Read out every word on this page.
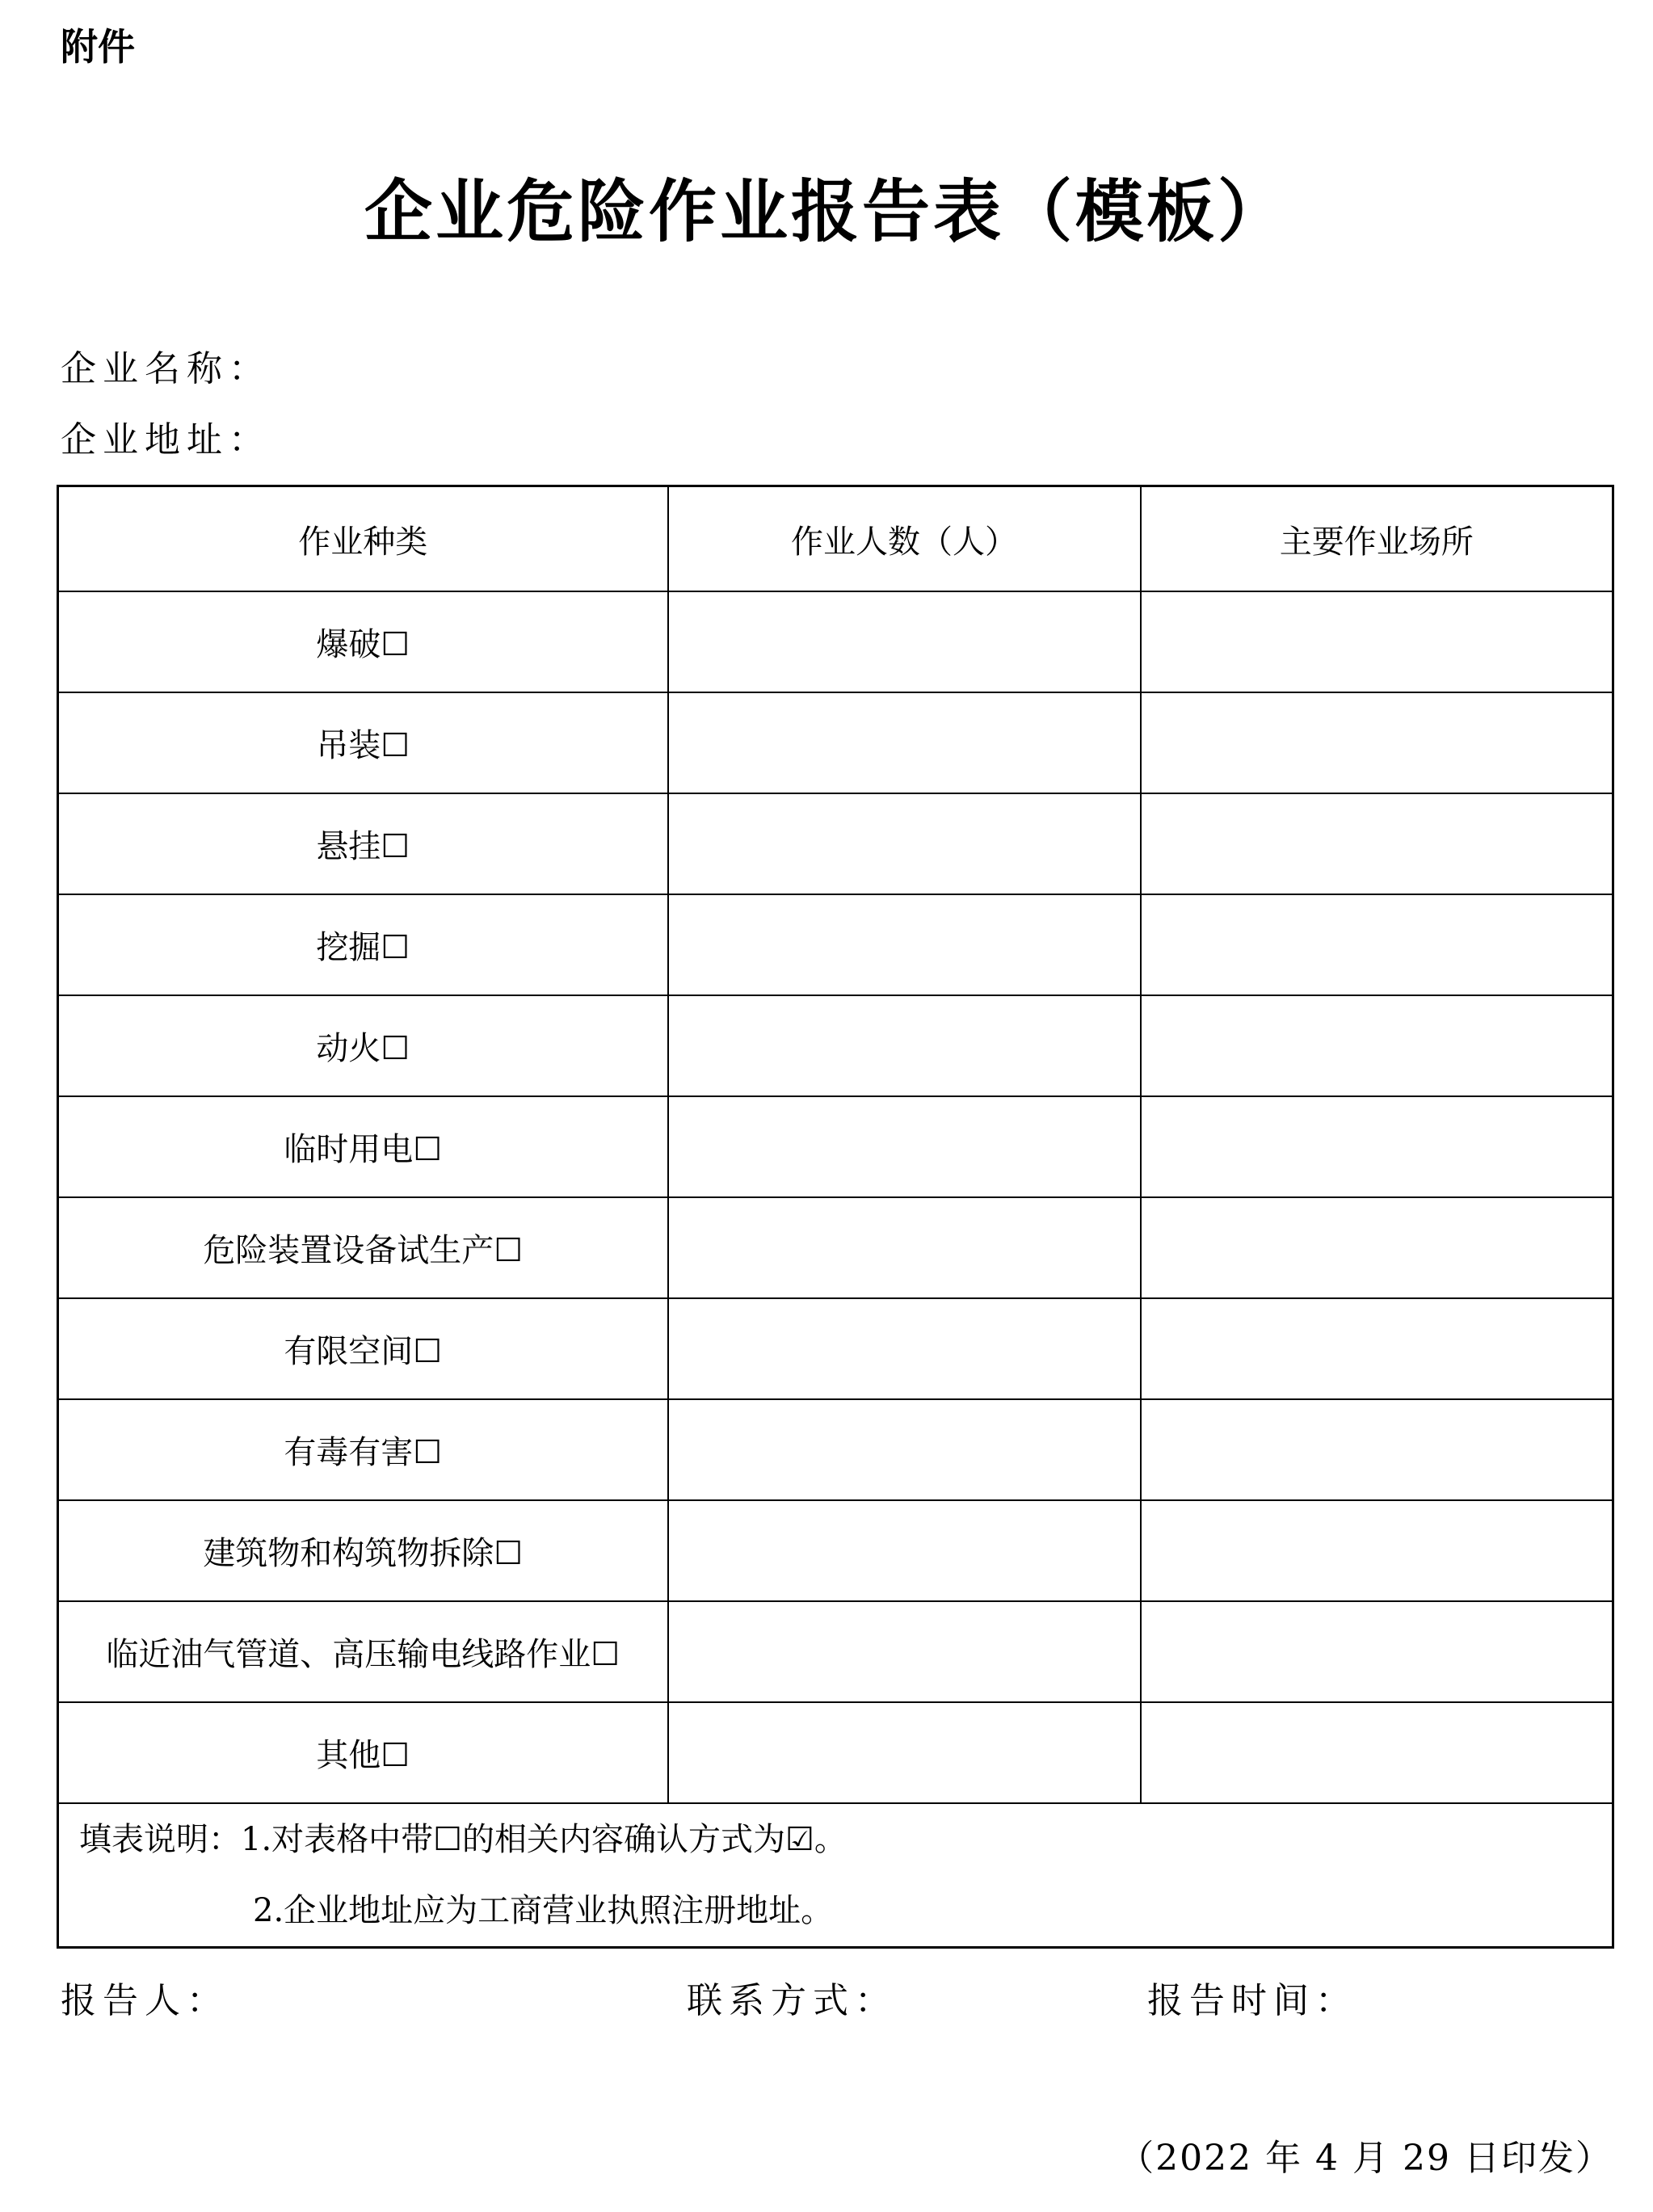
附件
企业危险作业报告表（模板）
企业名称：
企业地址：
作业种类	作业人数（人）	主要作业场所
爆破☐		
吊装☐		
悬挂☐		
挖掘☐		
动火☐		
临时用电☐		
危险装置设备试生产☐		
有限空间☐		
有毒有害☐		
建筑物和构筑物拆除☐		
临近油气管道、高压输电线路作业☐		
其他☐		

填表说明：1.对表格中带☐的相关内容确认方式为☑。
2.企业地址应为工商营业执照注册地址。		
报告人：	联系方式：	报告时间：
（2022 年 4 月 29 日印发）
